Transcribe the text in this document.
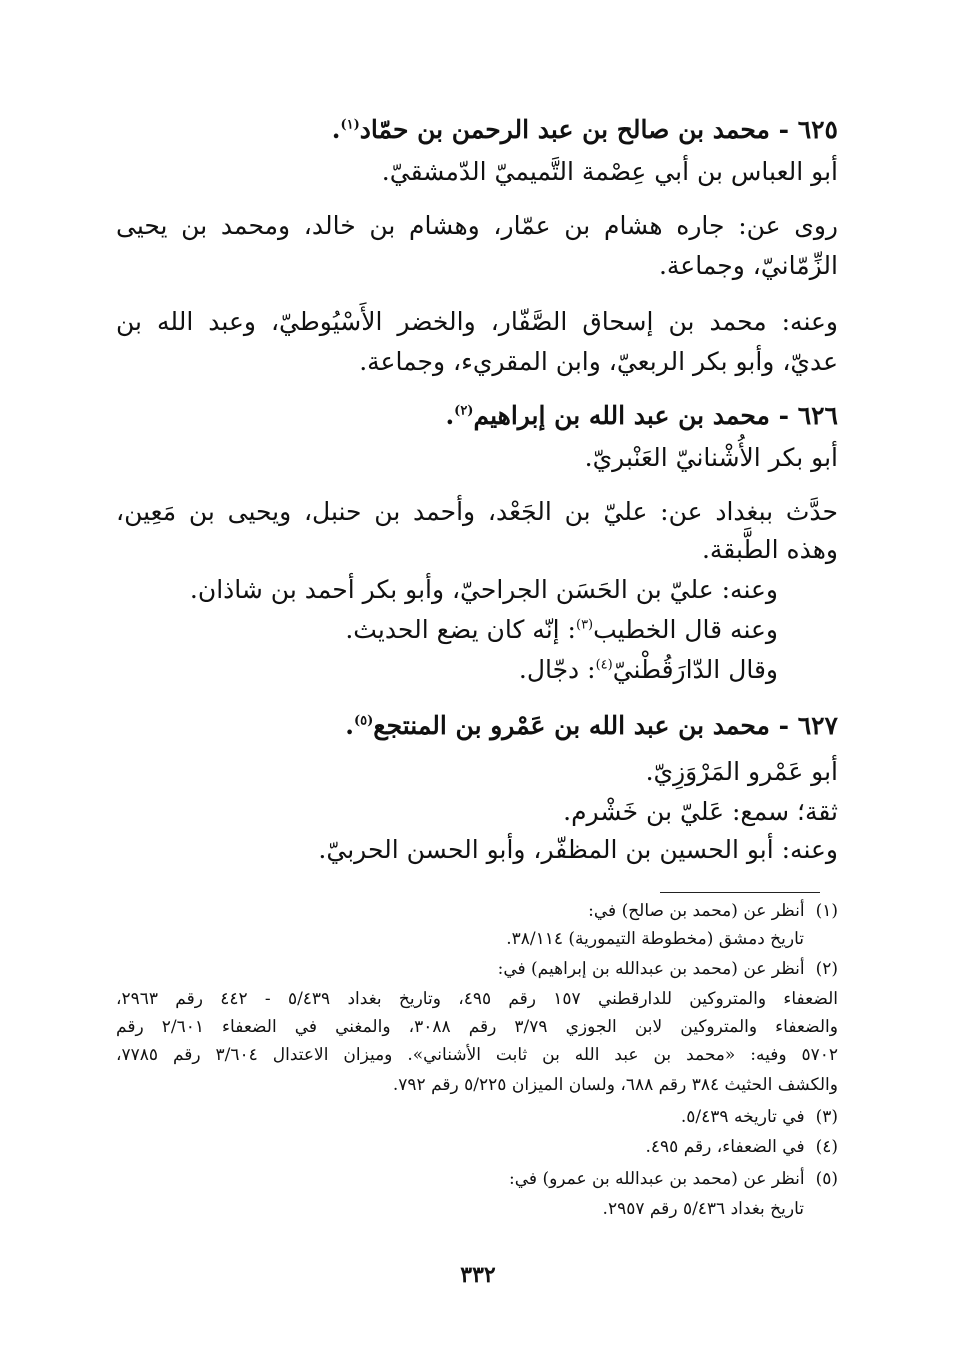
٦٢٥ - محمد بن صالح بن عبد الرحمن بن حمّاد$^{(١)}$.
أبو العباس بن أبي عِصْمة التَّميميّ الدّمشقيّ.
روى عن: جاره هشام بن عمّار، وهشام بن خالد، ومحمد بن يحيى
الزِّمّانيّ، وجماعة.
وعنه: محمد بن إسحاق الصَّفّار، والخضر الأَسْيُوطيّ، وعبد الله بن
عديّ، وأبو بكر الربعيّ، وابن المقريء، وجماعة.
٦٢٦ - محمد بن عبد الله بن إبراهيم$^{(٢)}$.
أبو بكر الأُشْنانيّ العَنْبريّ.
حدَّث ببغداد عن: عليّ بن الجَعْد، وأحمد بن حنبل، ويحيى بن مَعِين،
وهذه الطَّبقة.
وعنه: عليّ بن الحَسَن الجراحيّ، وأبو بكر أحمد بن شاذان.
وعنه قال الخطيب$^{(٣)}$: إنّه كان يضع الحديث.
وقال الدّارَقُطْنيّ$^{(٤)}$: دجّال.
٦٢٧ - محمد بن عبد الله بن عَمْرو بن المنتجع$^{(٥)}$.
أبو عَمْرو المَرْوَزِيّ.
ثقة؛ سمع: عَليّ بن خَشْرم.
وعنه: أبو الحسين بن المظفّر، وأبو الحسن الحربيّ.
(١) أنظر عن (محمد بن صالح) في:
تاريخ دمشق (مخطوطة التيمورية) ٣٨/١١٤.
(٢) أنظر عن (محمد بن عبدالله بن إبراهيم) في:
الضعفاء والمتروكين للدارقطني ١٥٧ رقم ٤٩٥، وتاريخ بغداد ٥/٤٣٩ - ٤٤٢ رقم ٢٩٦٣،
والضعفاء والمتروكين لابن الجوزي ٣/٧٩ رقم ٣٠٨٨، والمغني في الضعفاء ٢/٦٠١ رقم
٥٧٠٢ وفيه: «محمد بن عبد الله بن ثابت الأشناني». وميزان الاعتدال ٣/٦٠٤ رقم ٧٧٨٥،
والكشف الحثيث ٣٨٤ رقم ٦٨٨، ولسان الميزان ٥/٢٢٥ رقم ٧٩٢.
(٣) في تاريخه ٥/٤٣٩.
(٤) في الضعفاء، رقم ٤٩٥.
(٥) أنظر عن (محمد بن عبدالله بن عمرو) في:
تاريخ بغداد ٥/٤٣٦ رقم ٢٩٥٧.
٣٣٢
